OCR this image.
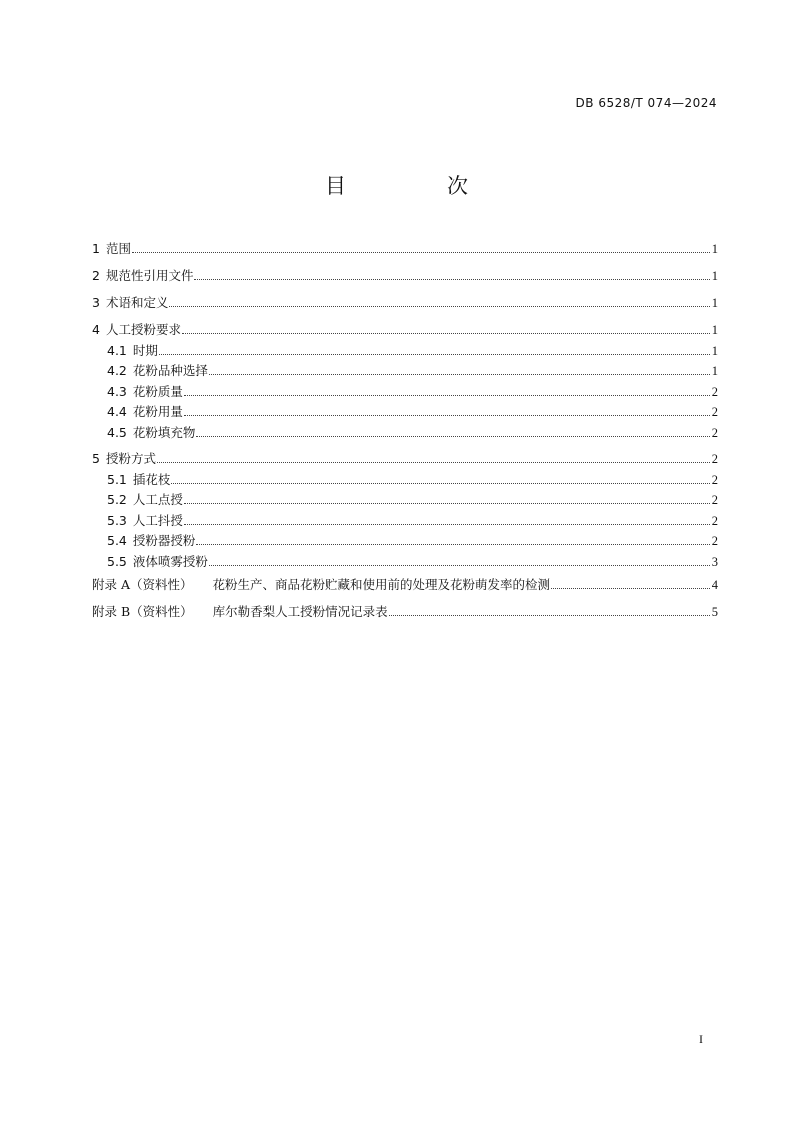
DB 6528/T 074—2024
目　次
1 范围	1
2 规范性引用文件	1
3 术语和定义	1
4 人工授粉要求	1
4.1 时期	1
4.2 花粉品种选择	1
4.3 花粉质量	2
4.4 花粉用量	2
4.5 花粉填充物	2
5 授粉方式	2
5.1 插花枝	2
5.2 人工点授	2
5.3 人工抖授	2
5.4 授粉器授粉	2
5.5 液体喷雾授粉	3
附录 A（资料性） 花粉生产、商品花粉贮藏和使用前的处理及花粉萌发率的检测	4
附录 B（资料性） 库尔勒香梨人工授粉情况记录表	5
I
